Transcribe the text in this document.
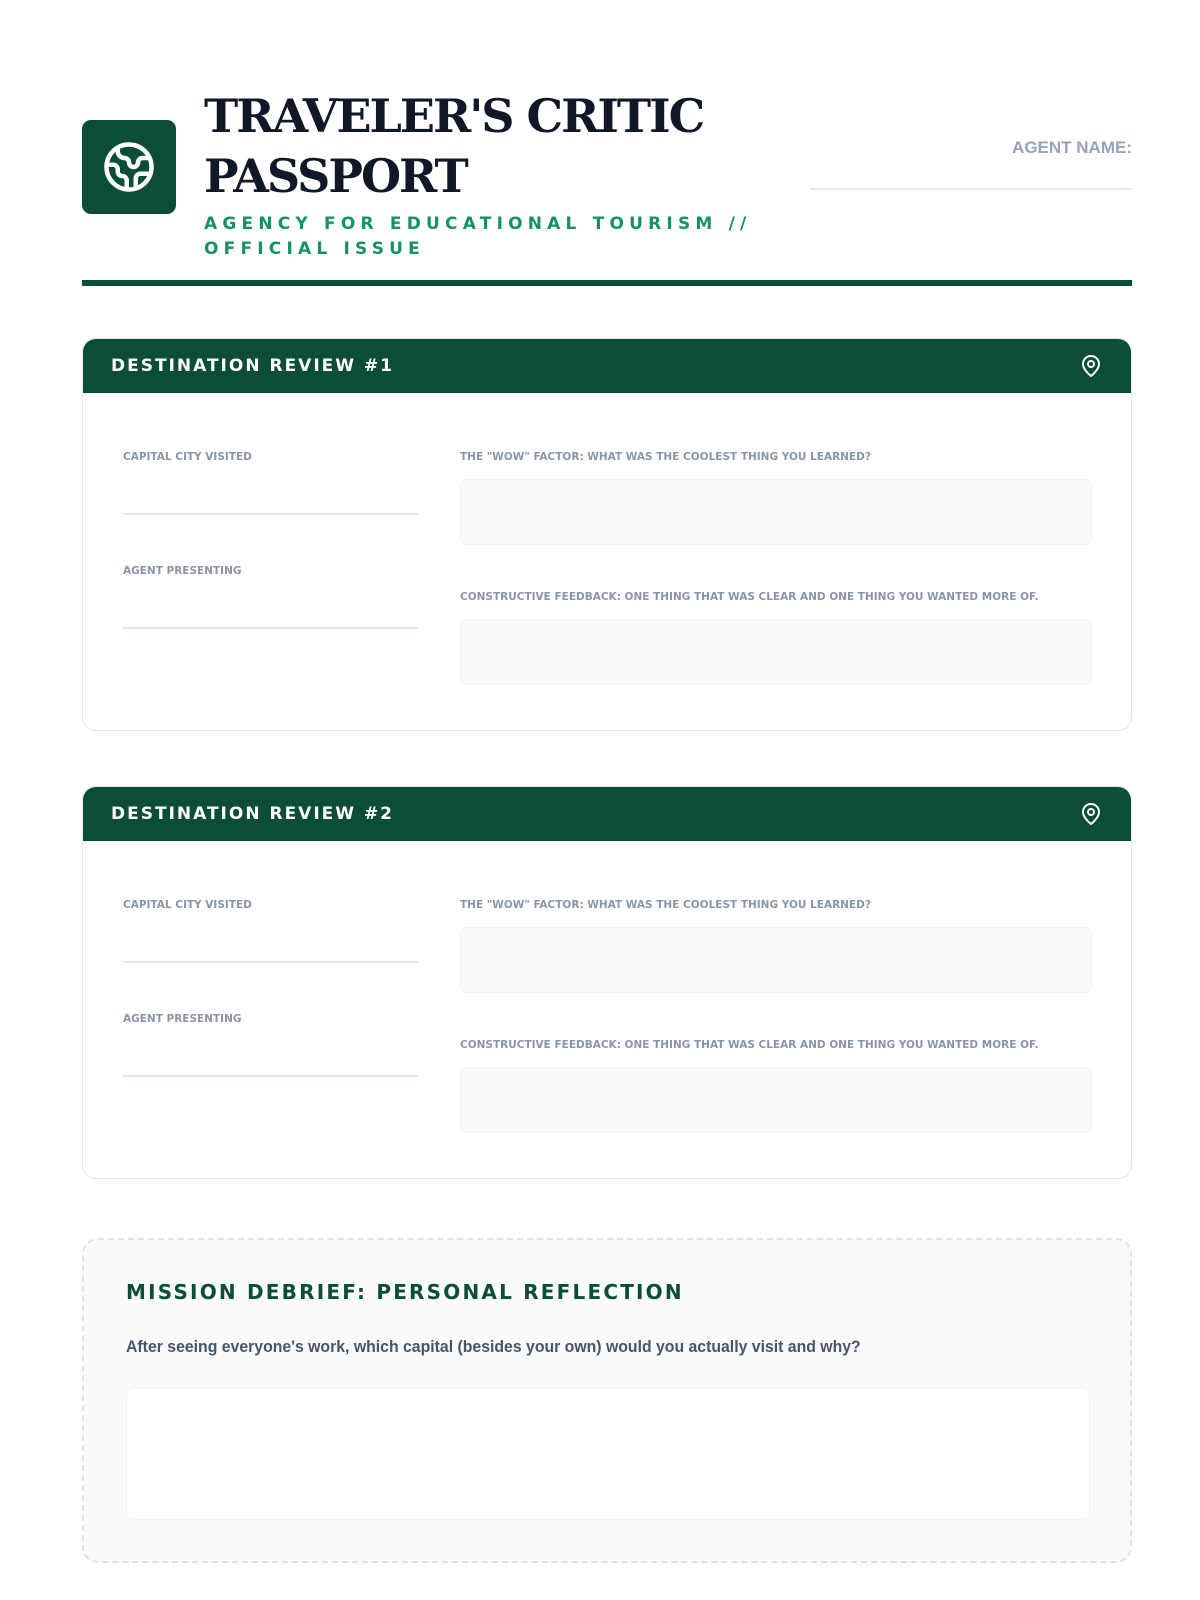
TRAVELER'S CRITIC
PASSPORT
AGENCY FOR EDUCATIONAL TOURISM //
OFFICIAL ISSUE
AGENT NAME:
DESTINATION REVIEW #1
CAPITAL CITY VISITED
AGENT PRESENTING
THE "WOW" FACTOR: WHAT WAS THE COOLEST THING YOU LEARNED?
CONSTRUCTIVE FEEDBACK: ONE THING THAT WAS CLEAR AND ONE THING YOU WANTED MORE OF.
DESTINATION REVIEW #2
CAPITAL CITY VISITED
AGENT PRESENTING
THE "WOW" FACTOR: WHAT WAS THE COOLEST THING YOU LEARNED?
CONSTRUCTIVE FEEDBACK: ONE THING THAT WAS CLEAR AND ONE THING YOU WANTED MORE OF.
MISSION DEBRIEF: PERSONAL REFLECTION
After seeing everyone's work, which capital (besides your own) would you actually visit and why?
